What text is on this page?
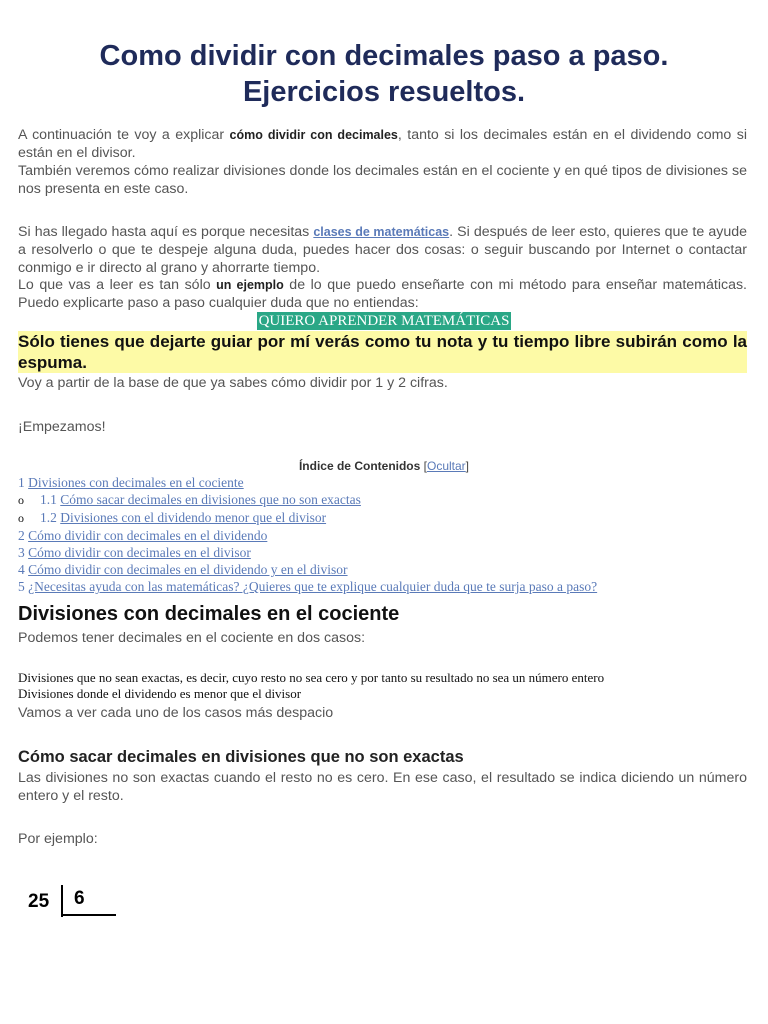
Como dividir con decimales paso a paso.
Ejercicios resueltos.
A continuación te voy a explicar cómo dividir con decimales, tanto si los decimales están en el dividendo como si están en el divisor.
También veremos cómo realizar divisiones donde los decimales están en el cociente y en qué tipos de divisiones se nos presenta en este caso.
Si has llegado hasta aquí es porque necesitas clases de matemáticas. Si después de leer esto, quieres que te ayude a resolverlo o que te despeje alguna duda, puedes hacer dos cosas: o seguir buscando por Internet o contactar conmigo e ir directo al grano y ahorrarte tiempo.
Lo que vas a leer es tan sólo un ejemplo de lo que puedo enseñarte con mi método para enseñar matemáticas. Puedo explicarte paso a paso cualquier duda que no entiendas:
QUIERO APRENDER MATEMÁTICAS
Sólo tienes que dejarte guiar por mí verás como tu nota y tu tiempo libre subirán como la espuma.
Voy a partir de la base de que ya sabes cómo dividir por 1 y 2 cifras.
¡Empezamos!
Índice de Contenidos [Ocultar]
1 Divisiones con decimales en el cociente
o 1.1 Cómo sacar decimales en divisiones que no son exactas
o 1.2 Divisiones con el dividendo menor que el divisor
2 Cómo dividir con decimales en el dividendo
3 Cómo dividir con decimales en el divisor
4 Cómo dividir con decimales en el dividendo y en el divisor
5 ¿Necesitas ayuda con las matemáticas? ¿Quieres que te explique cualquier duda que te surja paso a paso?
Divisiones con decimales en el cociente
Podemos tener decimales en el cociente en dos casos:
Divisiones que no sean exactas, es decir, cuyo resto no sea cero y por tanto su resultado no sea un número entero
Divisiones donde el dividendo es menor que el divisor
Vamos a ver cada uno de los casos más despacio
Cómo sacar decimales en divisiones que no son exactas
Las divisiones no son exactas cuando el resto no es cero. En ese caso, el resultado se indica diciendo un número entero y el resto.
Por ejemplo:
25 6
